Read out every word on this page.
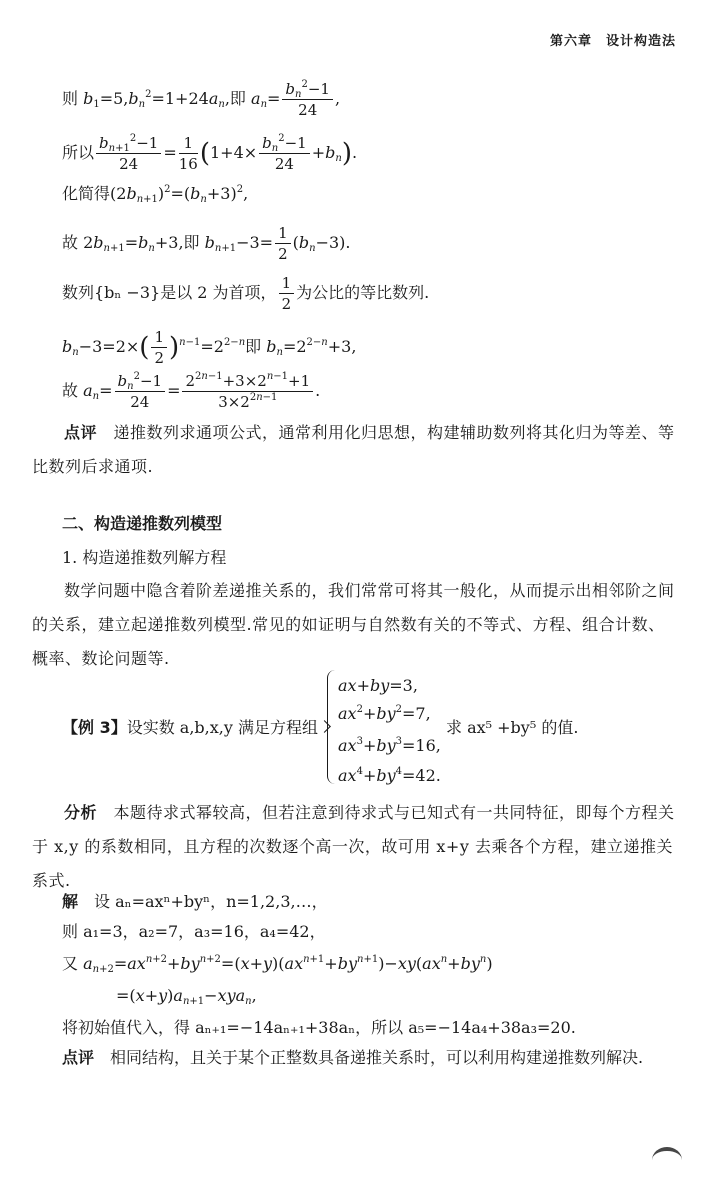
第六章　设计构造法
则 $b_1=5,b_n^2=1+24a_n$,即 $a_n= \frac{b_n^2-1}{24}$ ,
所以 $\frac{b_{n+1}^2-1}{24} = \frac{1}{16} (1+4\times \frac{b_n^2-1}{24} +b_n)$.
化简得$(2b_{n+1})^2=(b_n+3)^2$,
故 $2b_{n+1}=b_n+3$,即 $b_{n+1}-3= \frac{1}{2} (b_n-3)$.
数列{bₙ −3}是以 2 为首项， $\frac{1}{2}$ 为公比的等比数列.
$b_n-3=2\times( \frac{1}{2} )^{n-1}=2^{2-n}$即 $b_n=2^{2-n}+3$,
故 $a_n= \frac{b_n^2-1}{24} = \frac{2^{2n-1}+3\times 2^{n-1}+1}{3\times 2^{2n-1}}$ .
点评　 递推数列求通项公式，通常利用化归思想，构建辅助数列将其化归为等差、等比数列后求通项.
二、构造递推数列模型
1. 构造递推数列解方程
数学问题中隐含着阶差递推关系的，我们常常可将其一般化，从而提示出相邻阶之间的关系，建立起递推数列模型.常见的如证明与自然数有关的不等式、方程、组合计数、概率、数论问题等.
【例 3】设实数 a,b,x,y 满足方程组
ax+by=3,
$ax^2+by^2=7$,
$ax^3+by^3=16$,
$ax^4+by^4=42$.
求 ax⁵ +by⁵ 的值.
分析　 本题待求式幂较高，但若注意到待求式与已知式有一共同特征，即每个方程关于 x,y 的系数相同，且方程的次数逐个高一次，故可用 x+y 去乘各个方程，建立递推关系式.
解　 设 aₙ=axⁿ+byⁿ，n=1,2,3,…，
则 a₁=3，a₂=7，a₃=16，a₄=42，
又 $a_{n+2}=ax^{n+2}+by^{n+2}=(x+y)(ax^{n+1}+by^{n+1})-xy(ax^n+by^n)$
$=(x+y)a_{n+1}-xya_n$,
将初始值代入，得 aₙ₊₁=−14aₙ₊₁+38aₙ，所以 a₅=−14a₄+38a₃=20.
点评　 相同结构，且关于某个正整数具备递推关系时，可以利用构建递推数列解决.
